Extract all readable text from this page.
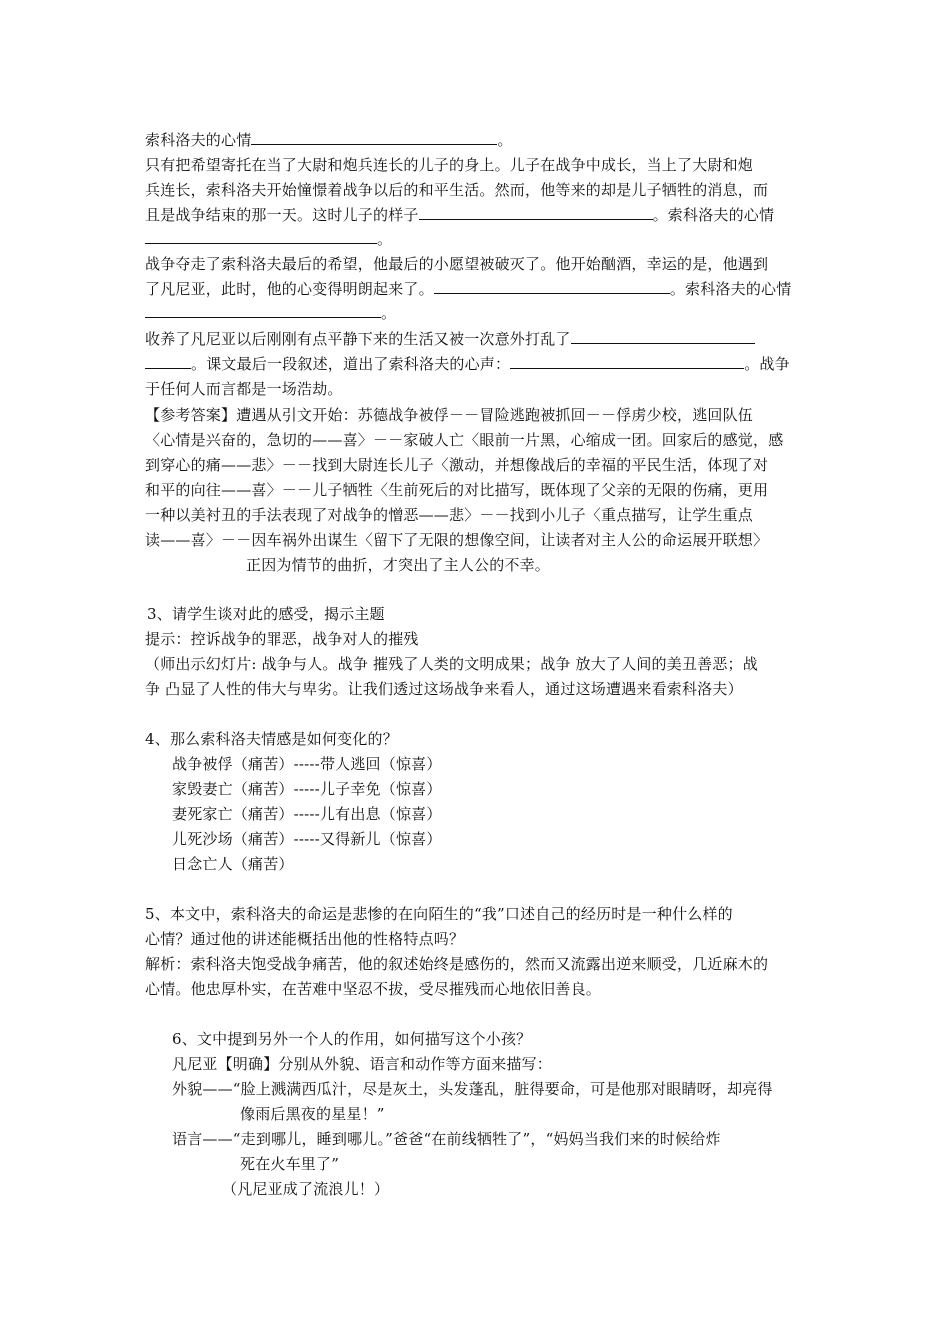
索科洛夫的心情	。
只有把希望寄托在当了大尉和炮兵连长的儿子的身上。儿子在战争中成长，当上了大尉和炮
兵连长，索科洛夫开始憧憬着战争以后的和平生活。然而，他等来的却是儿子牺牲的消息，而
且是战争结束的那一天。这时儿子的样子	。索科洛夫的心情
。
战争夺走了索科洛夫最后的希望，他最后的小愿望被破灭了。他开始酗酒，幸运的是，他遇到
了凡尼亚，此时，他的心变得明朗起来了。	。索科洛夫的心情
。
收养了凡尼亚以后刚刚有点平静下来的生活又被一次意外打乱了
。课文最后一段叙述，道出了索科洛夫的心声：	。战争
于任何人而言都是一场浩劫。
【参考答案】遭遇从引文开始：苏德战争被俘－－冒险逃跑被抓回－－俘虏少校，逃回队伍
〈心情是兴奋的，急切的——喜〉－－家破人亡〈眼前一片黑，心缩成一团。回家后的感觉，感
到穿心的痛——悲〉－－找到大尉连长儿子〈激动，并想像战后的幸福的平民生活，体现了对
和平的向往——喜〉－－儿子牺牲〈生前死后的对比描写，既体现了父亲的无限的伤痛，更用
一种以美衬丑的手法表现了对战争的憎恶——悲〉－－找到小儿子〈重点描写，让学生重点
读——喜〉－－因车祸外出谋生〈留下了无限的想像空间，让读者对主人公的命运展开联想〉
正因为情节的曲折，才突出了主人公的不幸。
3、请学生谈对此的感受，揭示主题
提示：控诉战争的罪恶，战争对人的摧残
（师出示幻灯片: 战争与人。战争 摧残了人类的文明成果；战争 放大了人间的美丑善恶；战
争 凸显了人性的伟大与卑劣。让我们透过这场战争来看人，通过这场遭遇来看索科洛夫）
4、那么索科洛夫情感是如何变化的？
战争被俘（痛苦）-----带人逃回（惊喜）
家毁妻亡（痛苦）-----儿子幸免（惊喜）
妻死家亡（痛苦）-----儿有出息（惊喜）
儿死沙场（痛苦）-----又得新儿（惊喜）
日念亡人（痛苦）
5、本文中，索科洛夫的命运是悲惨的在向陌生的“我”口述自己的经历时是一种什么样的
心情？通过他的讲述能概括出他的性格特点吗？
解析：索科洛夫饱受战争痛苦，他的叙述始终是感伤的，然而又流露出逆来顺受，几近麻木的
心情。他忠厚朴实，在苦难中坚忍不拔，受尽摧残而心地依旧善良。
6、文中提到另外一个人的作用，如何描写这个小孩？
凡尼亚【明确】分别从外貌、语言和动作等方面来描写：
外貌——“脸上溅满西瓜汁，尽是灰土，头发蓬乱，脏得要命，可是他那对眼睛呀，却亮得
像雨后黑夜的星星！”
语言——“走到哪儿，睡到哪儿。”爸爸“在前线牺牲了”，“妈妈当我们来的时候给炸
死在火车里了”
（凡尼亚成了流浪儿！）
